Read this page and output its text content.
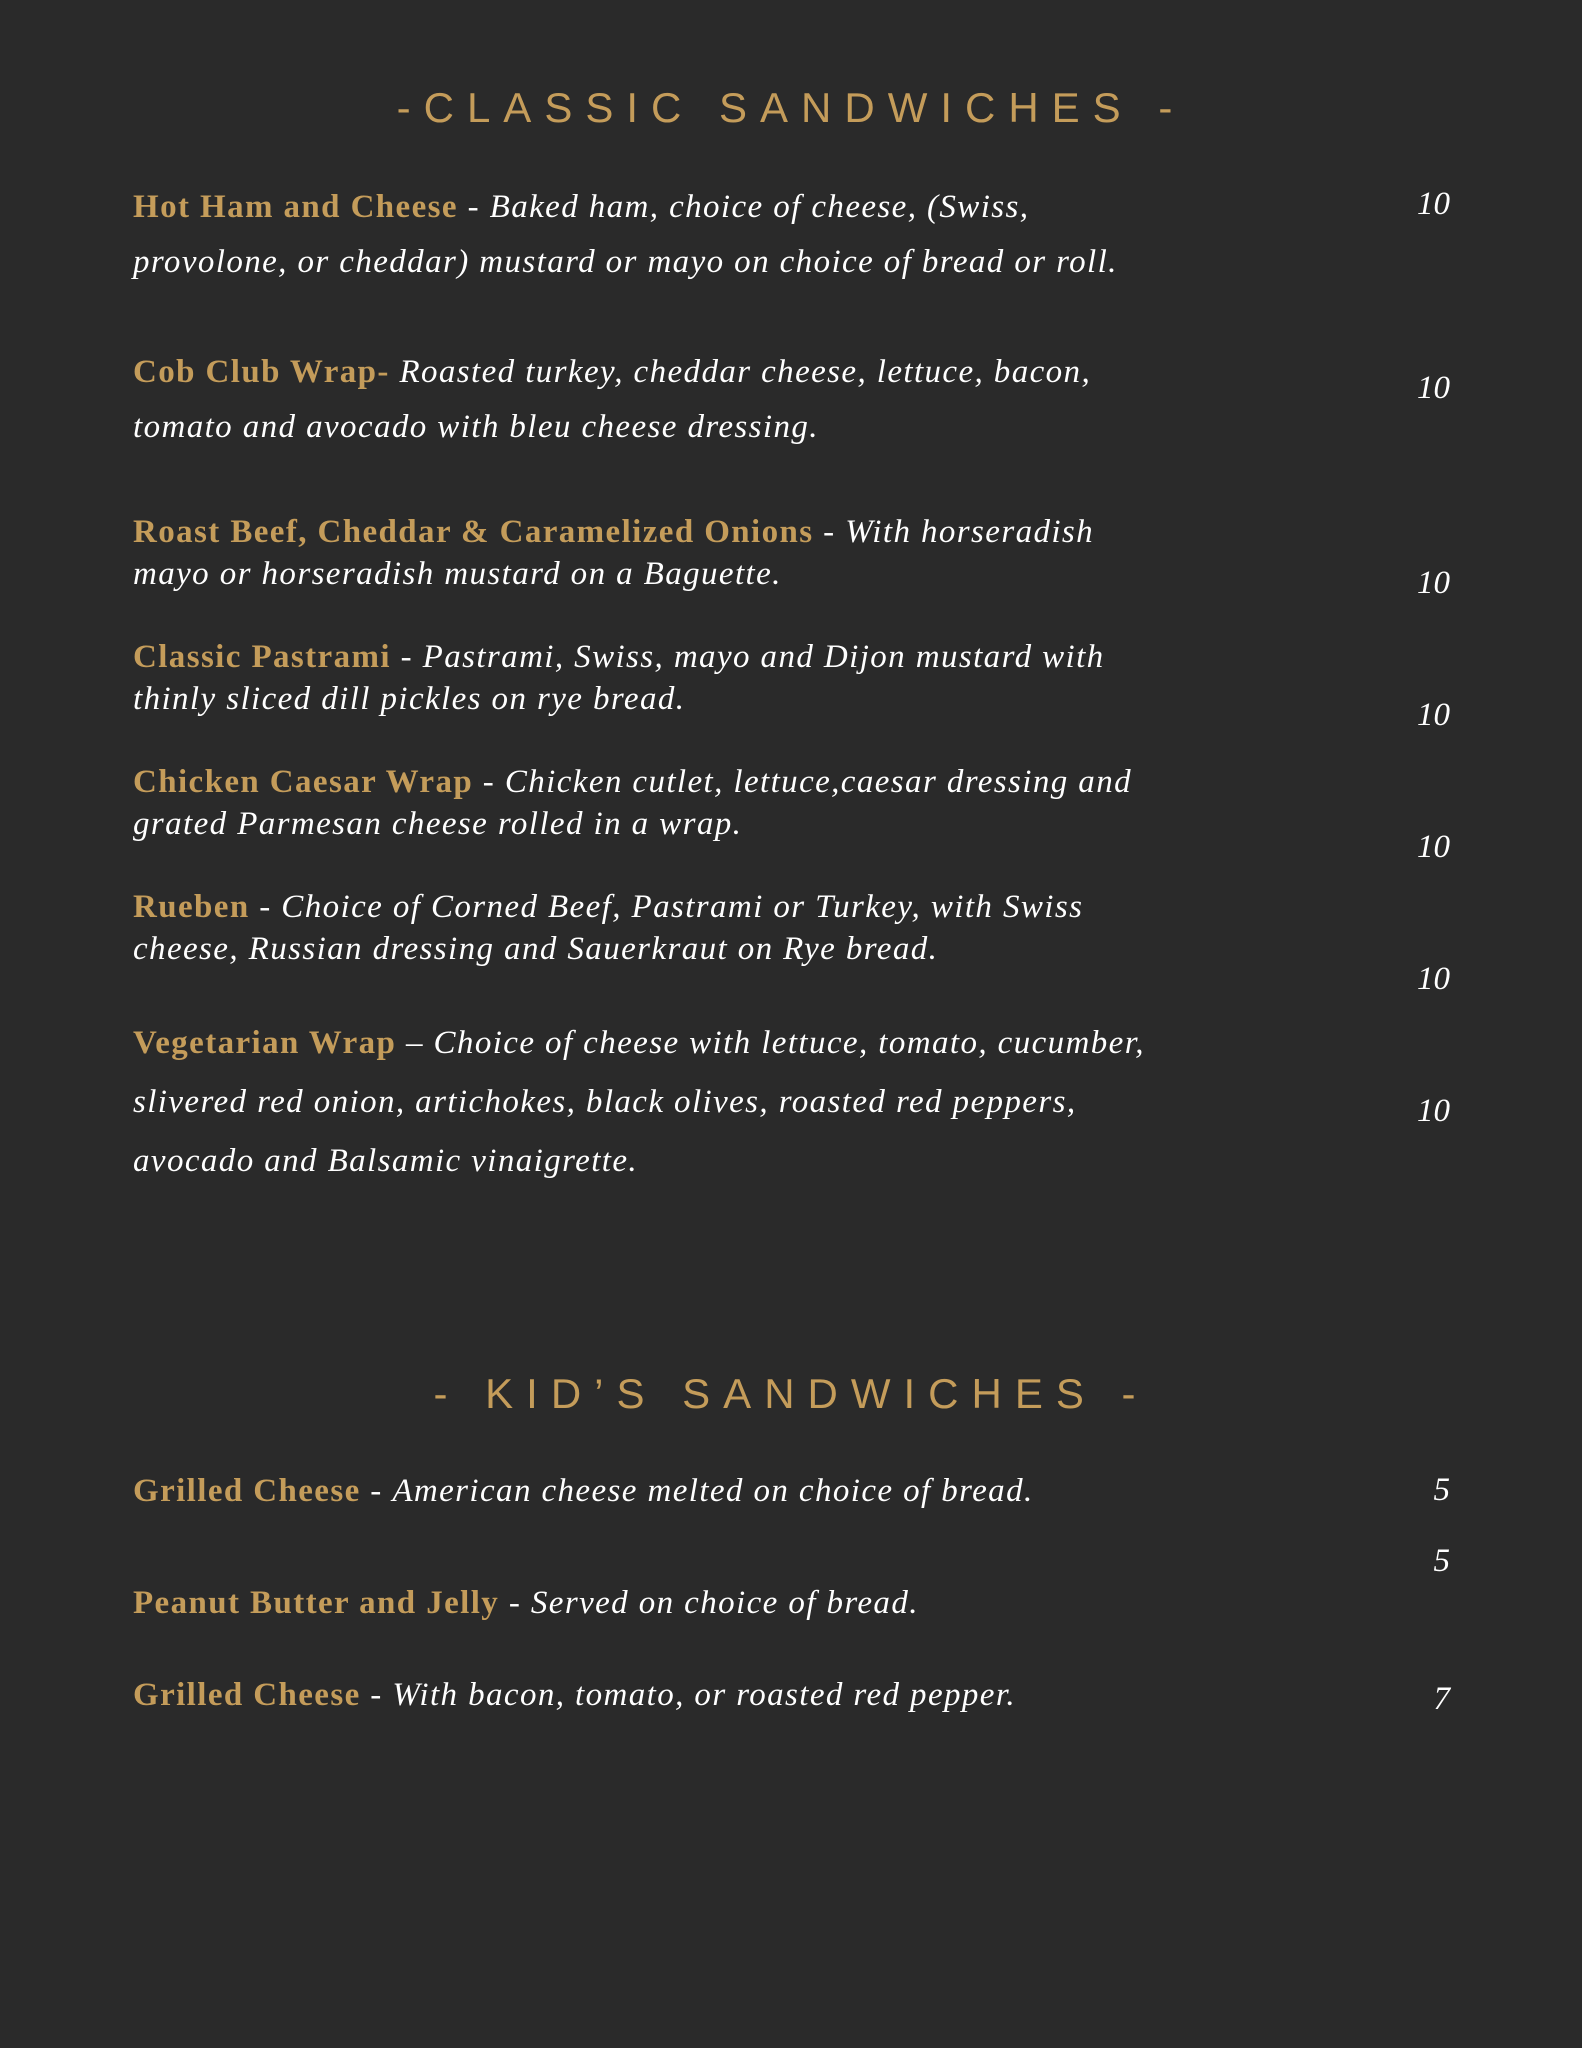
-CLASSIC SANDWICHES -
Hot Ham and Cheese - Baked ham, choice of cheese, (Swiss, provolone, or cheddar) mustard or mayo on choice of bread or roll.
10
Cob Club Wrap- Roasted turkey, cheddar cheese, lettuce, bacon, tomato and avocado with bleu cheese dressing.
10
Roast Beef, Cheddar & Caramelized Onions - With horseradish mayo or horseradish mustard on a Baguette.	10
Classic Pastrami - Pastrami, Swiss, mayo and Dijon mustard with thinly sliced dill pickles on rye bread.	10
Chicken Caesar Wrap - Chicken cutlet, lettuce,caesar dressing and grated Parmesan cheese rolled in a wrap.
10
Rueben - Choice of Corned Beef, Pastrami or Turkey, with Swiss cheese, Russian dressing and Sauerkraut on Rye bread.
10
Vegetarian Wrap – Choice of cheese with lettuce, tomato, cucumber, slivered red onion, artichokes, black olives, roasted red peppers, avocado and Balsamic vinaigrette.
10
- KID’S SANDWICHES -
Grilled Cheese - American cheese melted on choice of bread.	5
Peanut Butter and Jelly - Served on choice of bread.
5
Grilled Cheese - With bacon, tomato, or roasted red pepper.	7
